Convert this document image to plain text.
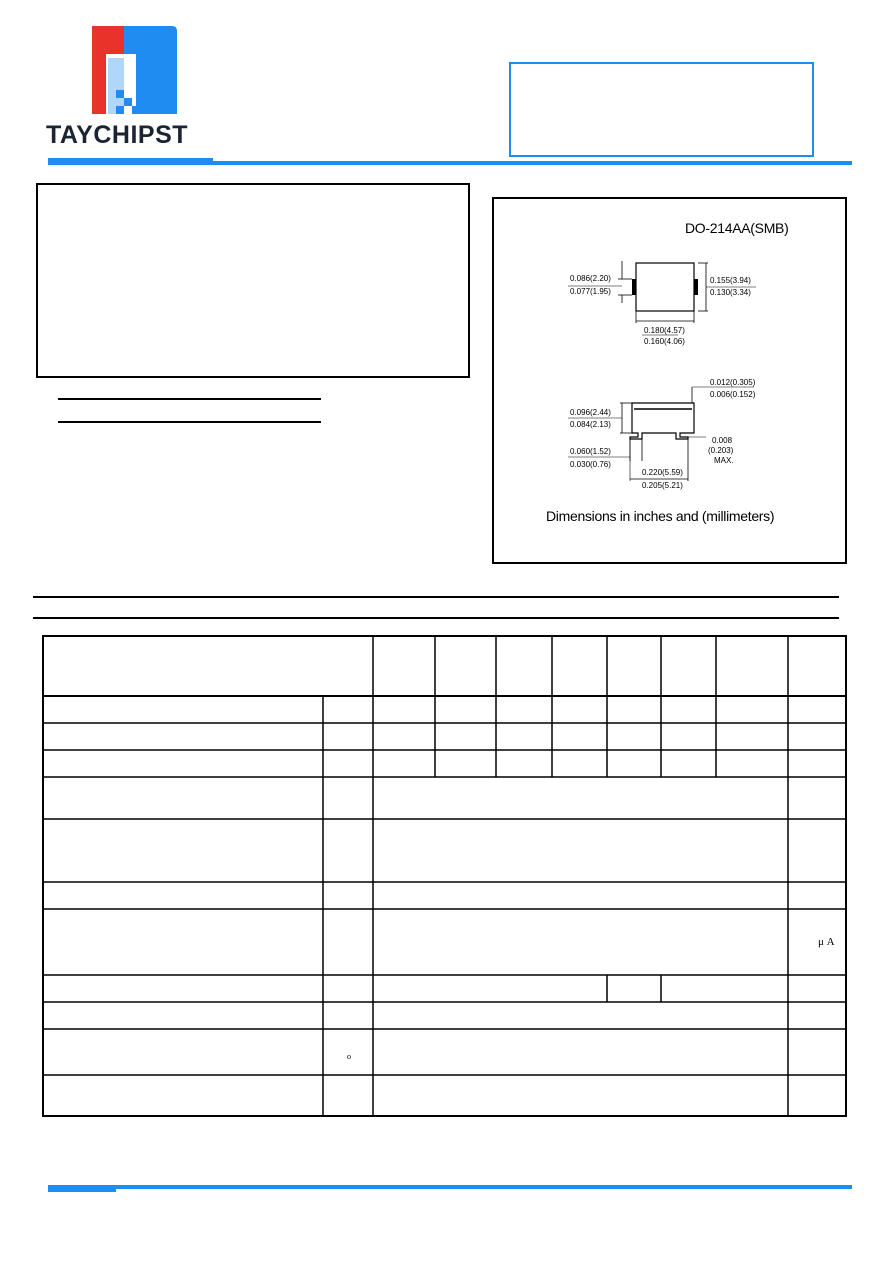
TAYCHIPST
DO-214AA(SMB)
0.086(2.20)
0.077(1.95)
0.155(3.94)
0.130(3.34)
0.180(4.57)
0.160(4.06)
0.012(0.305)
0.006(0.152)
0.096(2.44)
0.084(2.13)
0.060(1.52)
0.030(0.76)
0.008
(0.203)
MAX.
0.220(5.59)
0.205(5.21)
Dimensions in inches and (millimeters)
μ A
o
